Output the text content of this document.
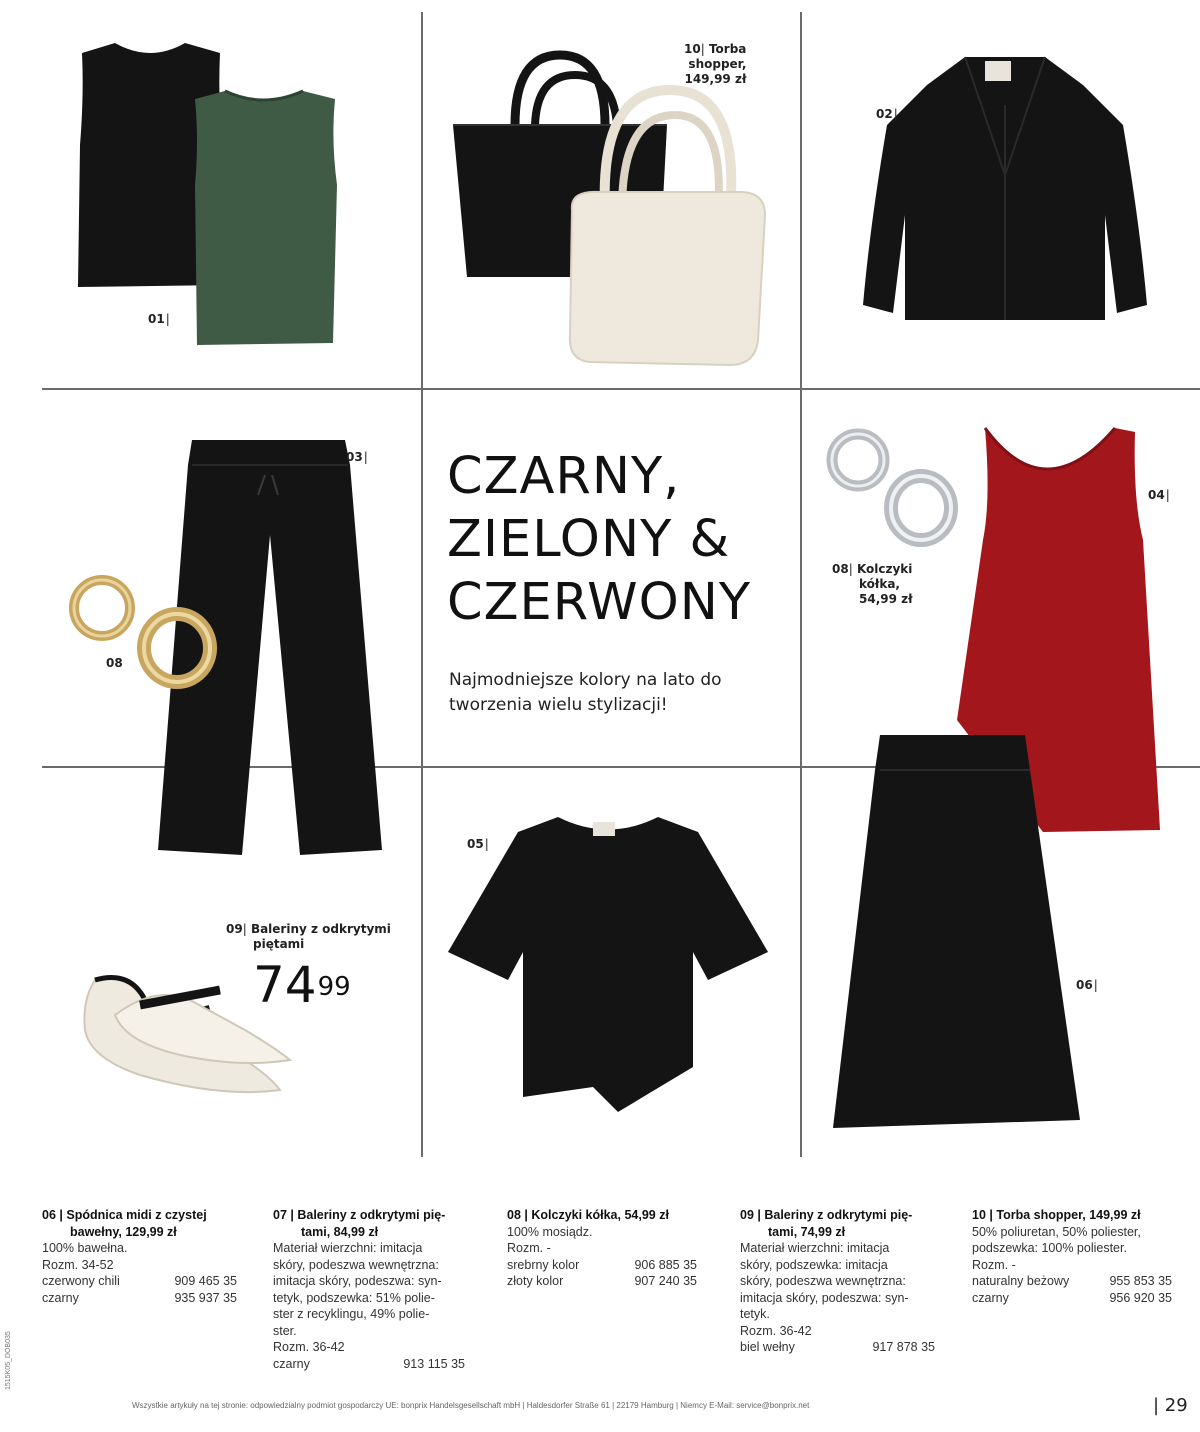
01|
10| Torba
shopper,
149,99 zł
02|
03|
08
CZARNY,
ZIELONY &
CZERWONY
Najmodniejsze kolory na lato do
tworzenia wielu stylizacji!
08| Kolczyki
kółka,
54,99 zł
04|
06|
05|
09| Baleriny z odkrytymi
piętami
$74^{99}$
06 | Spódnica midi z czystej
bawełny, 129,99 zł
100% bawełna.
Rozm. 34-52
czerwony chili	909 465 35
czarny	935 937 35
07 | Baleriny z odkrytymi pię-
tami, 84,99 zł
Materiał wierzchni: imitacja
skóry, podeszwa wewnętrzna:
imitacja skóry, podeszwa: syn-
tetyk, podszewka: 51% polie-
ster z recyklingu, 49% polie-
ster.
Rozm. 36-42
czarny	913 115 35
08 | Kolczyki kółka, 54,99 zł
100% mosiądz.
Rozm. -
srebrny kolor	906 885 35
złoty kolor	907 240 35
09 | Baleriny z odkrytymi pię-
tami, 74,99 zł
Materiał wierzchni: imitacja
skóry, podszewka: imitacja
skóry, podeszwa wewnętrzna:
imitacja skóry, podeszwa: syn-
tetyk.
Rozm. 36-42
biel wełny	917 878 35
10 | Torba shopper, 149,99 zł
50% poliuretan, 50% poliester,
podszewka: 100% poliester.
Rozm. -
naturalny beżowy	955 853 35
czarny	956 920 35
Wszystkie artykuły na tej stronie: odpowiedzialny podmiot gospodarczy UE: bonprix Handelsgesellschaft mbH | Haldesdorfer Straße 61 | 22179 Hamburg | Niemcy E-Mail: service@bonprix.net	| 29
1515K05_DOB035
